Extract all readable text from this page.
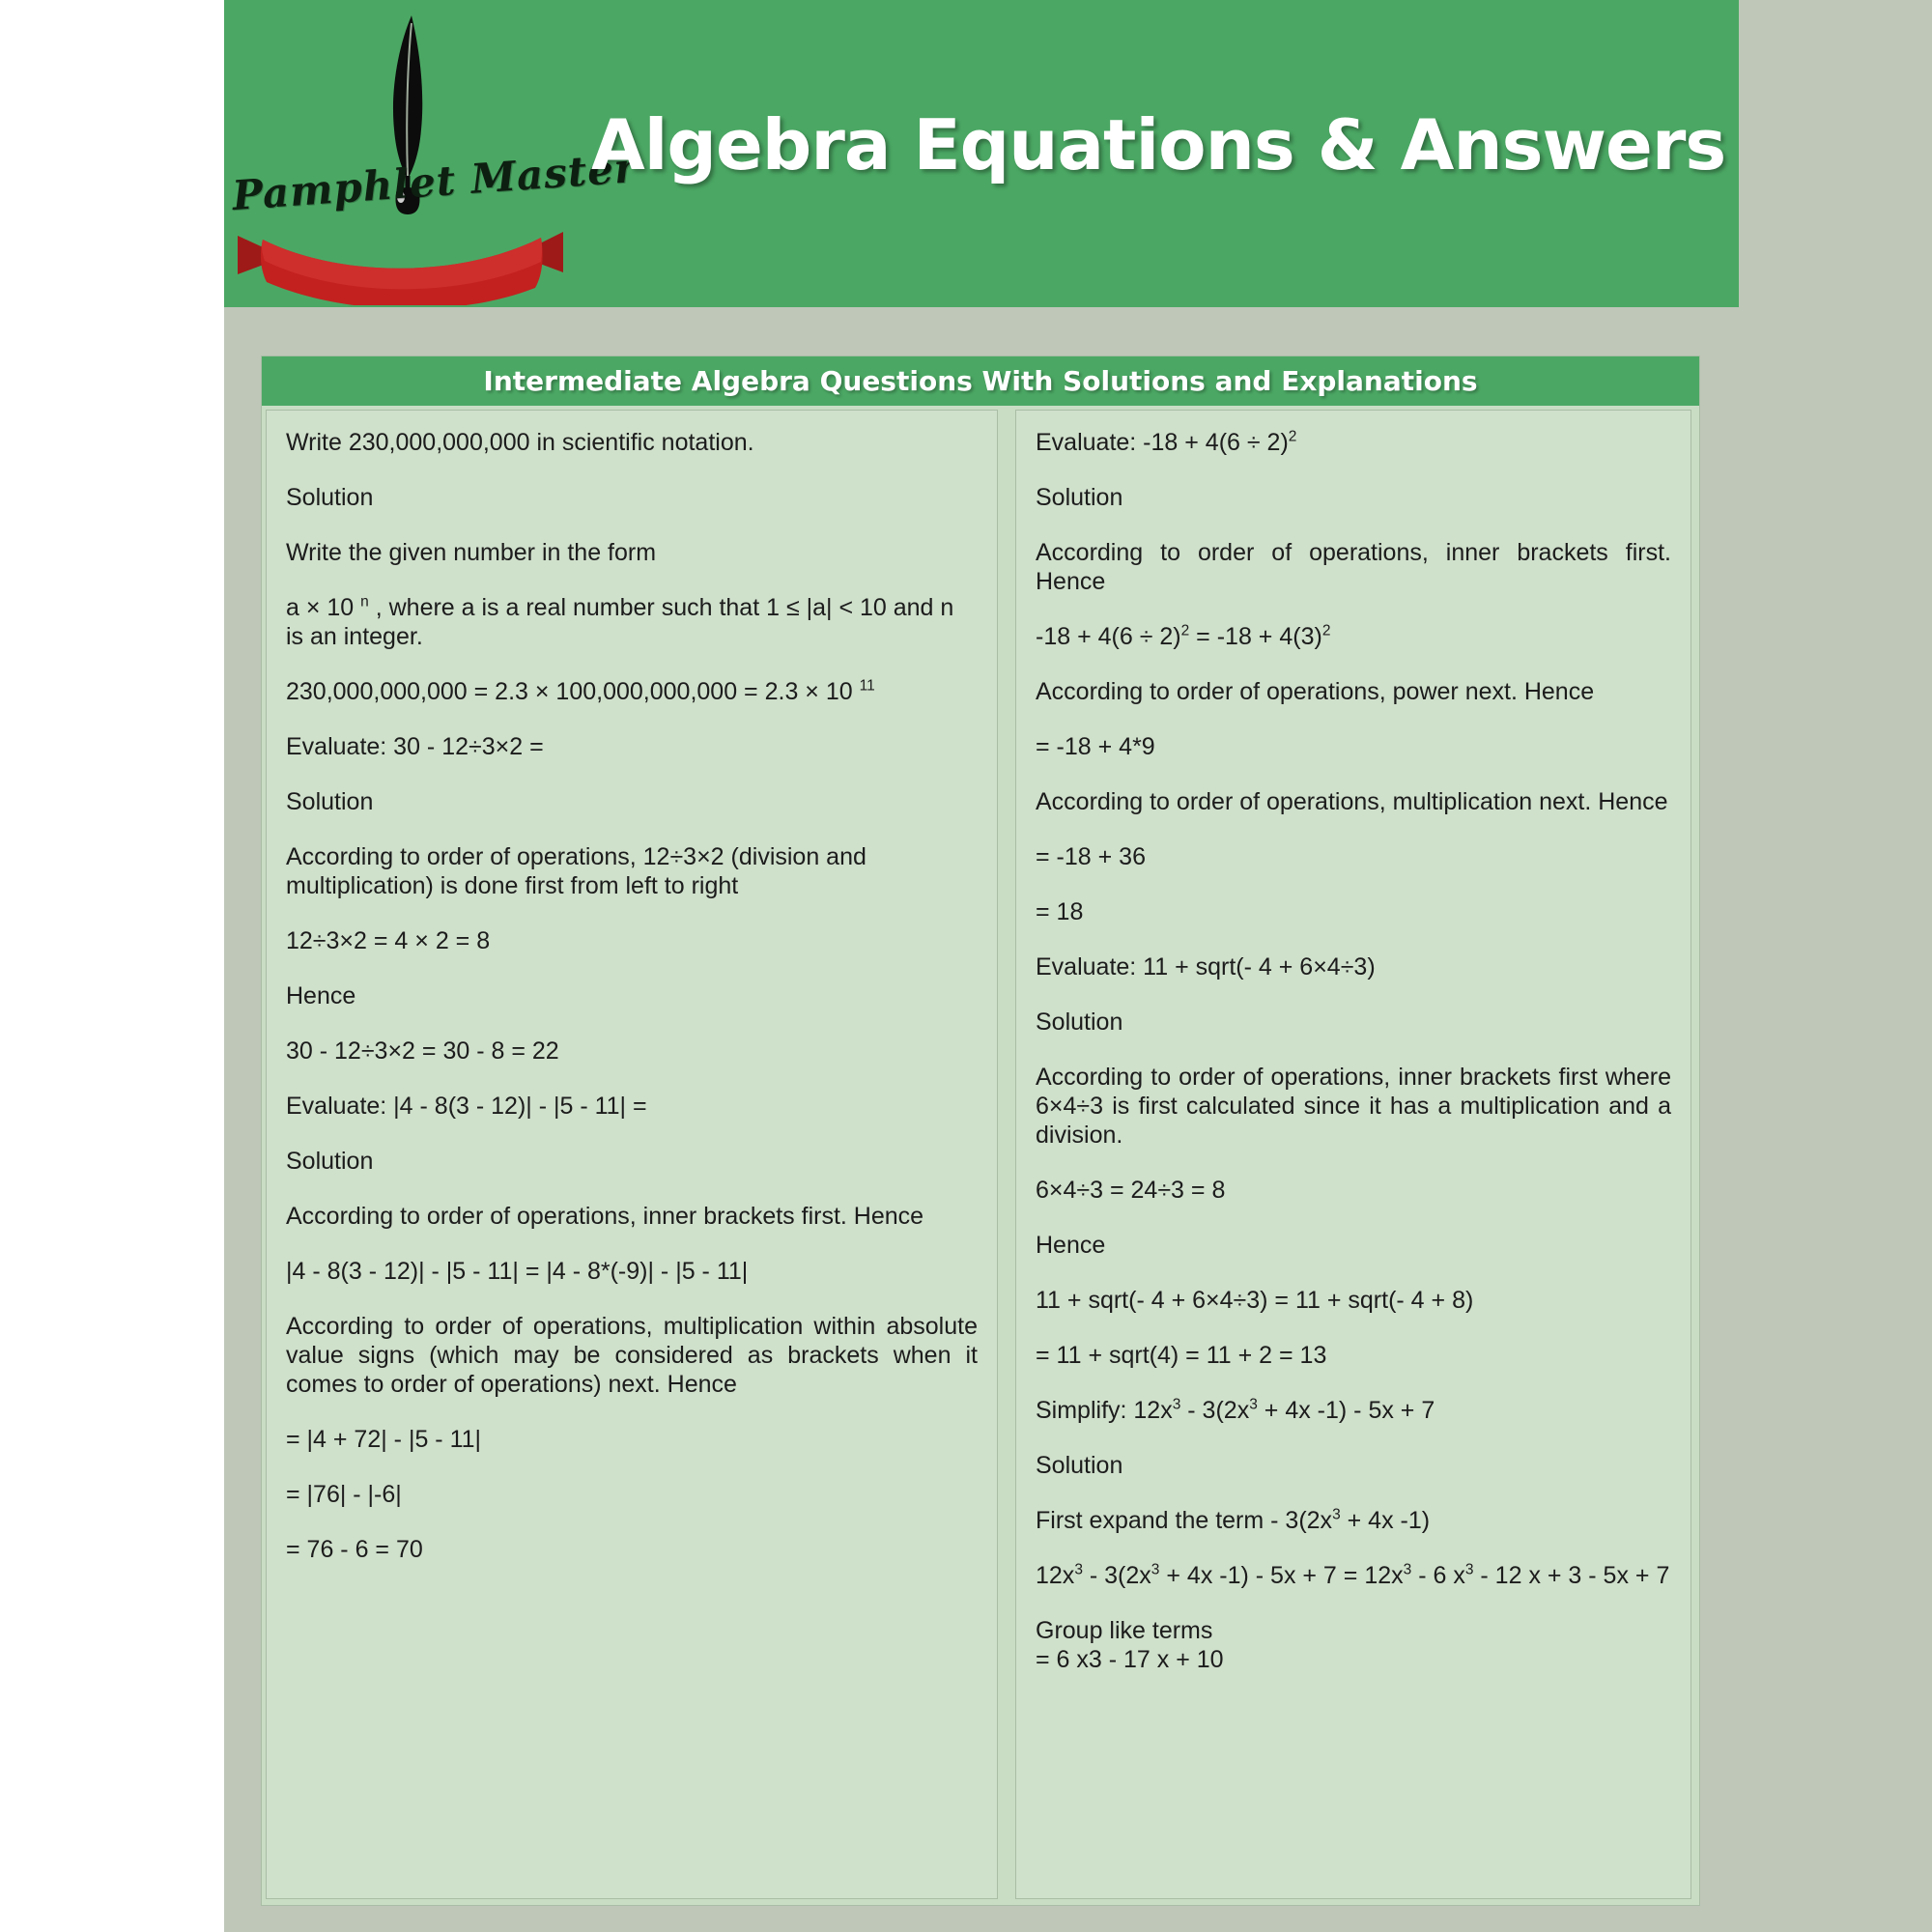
Pamphlet Master
Algebra Equations & Answers
Intermediate Algebra Questions With Solutions and Explanations

Write 230,000,000,000 in scientific notation.

Solution

Write the given number in the form

a × 10 $^n$ , where a is a real number such that 1 ≤ |a| < 10 and n is an integer.

230,000,000,000 = 2.3 × 100,000,000,000 = 2.3 × 10 $^{11}$

Evaluate: 30 - 12÷3×2 =

Solution

According to order of operations, 12÷3×2 (division and multiplication) is done first from left to right

12÷3×2 = 4 × 2 = 8

Hence

30 - 12÷3×2 = 30 - 8 = 22

Evaluate: |4 - 8(3 - 12)| - |5 - 11| =

Solution

According to order of operations, inner brackets first. Hence

|4 - 8(3 - 12)| - |5 - 11| = |4 - 8*(-9)| - |5 - 11|

According to order of operations, multiplication within absolute value signs (which may be considered as brackets when it comes to order of operations) next. Hence

= |4 + 72| - |5 - 11|

= |76| - |-6|

= 76 - 6 = 70

Evaluate: $-18 + 4(6 \div 2)^2$

Solution

According to order of operations, inner brackets first. Hence

$-18 + 4(6 \div 2)^2 = -18 + 4(3)^2$

According to order of operations, power next. Hence

= -18 + 4*9

According to order of operations, multiplication next. Hence

= -18 + 36

= 18

Evaluate: 11 + sqrt(- 4 + 6×4÷3)

Solution

According to order of operations, inner brackets first where 6×4÷3 is first calculated since it has a multiplication and a division.

6×4÷3 = 24÷3 = 8

Hence

11 + sqrt(- 4 + 6×4÷3) = 11 + sqrt(- 4 + 8)

= 11 + sqrt(4) = 11 + 2 = 13

Simplify: $12x^3 - 3(2x^3 + 4x$ -1) - 5x + 7

Solution

First expand the term - $3(2x^3 + 4x$ -1)

$12x^3 - 3(2x^3 + 4x$ $-1) - 5x + 7 = 12x^3 - 6$ $x^3 - 12$ x + 3 - 5x + 7

Group like terms

= 6 x3 - 17 x + 10
